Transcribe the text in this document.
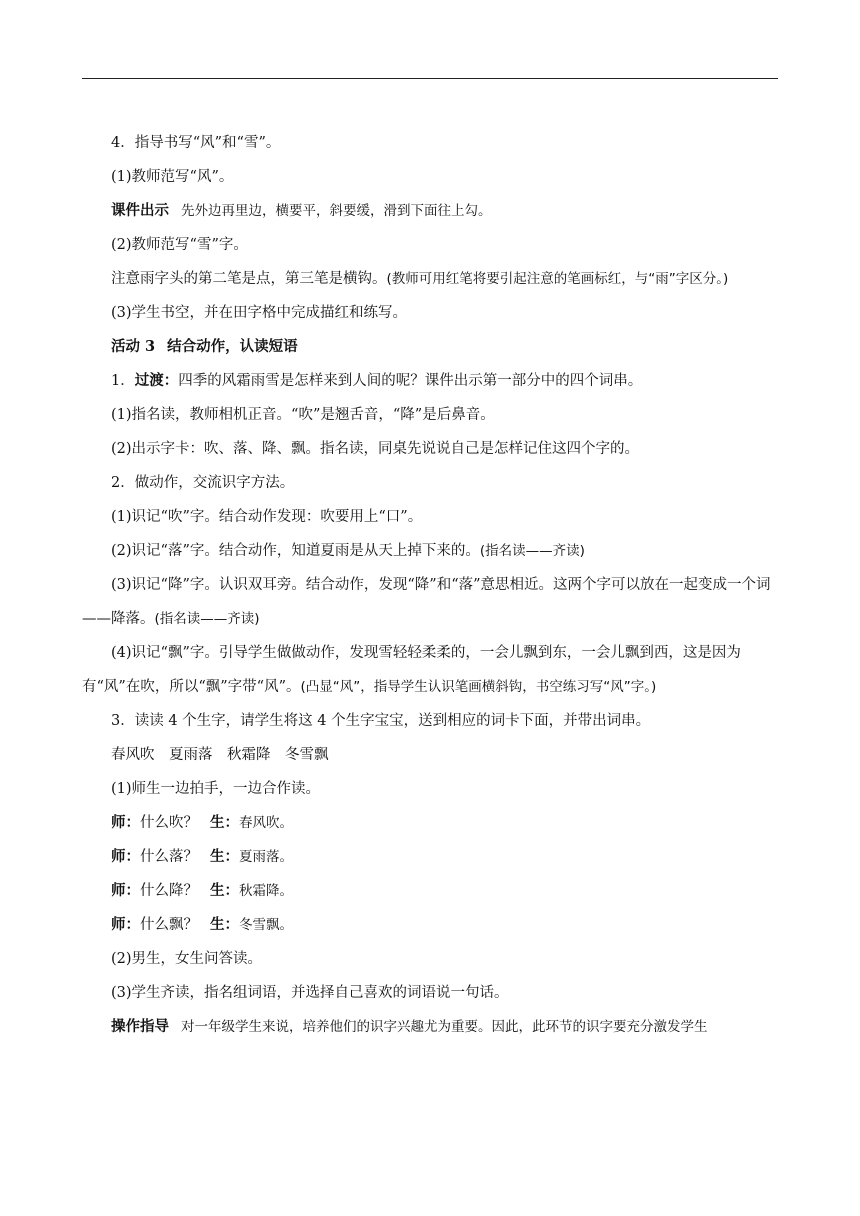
4．指导书写“风”和“雪”。

(1)教师范写“风”。

课件出示 先外边再里边，横要平，斜要缓，滑到下面往上勾。

(2)教师范写“雪”字。

注意雨字头的第二笔是点，第三笔是横钩。(教师可用红笔将要引起注意的笔画标红，与“雨”字区分。)

(3)学生书空，并在田字格中完成描红和练写。

活动 3 结合动作，认读短语

1．过渡：四季的风霜雨雪是怎样来到人间的呢？课件出示第一部分中的四个词串。

(1)指名读，教师相机正音。“吹”是翘舌音，“降”是后鼻音。

(2)出示字卡：吹、落、降、飘。指名读，同桌先说说自己是怎样记住这四个字的。

2．做动作，交流识字方法。

(1)识记“吹”字。结合动作发现：吹要用上“口”。

(2)识记“落”字。结合动作，知道夏雨是从天上掉下来的。(指名读——齐读)

(3)识记“降”字。认识双耳旁。结合动作，发现“降”和“落”意思相近。这两个字可以放在一起变成一个词——降落。(指名读——齐读)

(4)识记“飘”字。引导学生做做动作，发现雪轻轻柔柔的，一会儿飘到东，一会儿飘到西，这是因为有“风”在吹，所以“飘”字带“风”。(凸显“风”，指导学生认识笔画横斜钩，书空练习写“风”字。)

3．读读 4 个生字，请学生将这 4 个生字宝宝，送到相应的词卡下面，并带出词串。

春风吹　夏雨落　秋霜降　冬雪飘

(1)师生一边拍手，一边合作读。

师：什么吹？ 生：春风吹。

师：什么落？ 生：夏雨落。

师：什么降？ 生：秋霜降。

师：什么飘？ 生：冬雪飘。

(2)男生，女生问答读。

(3)学生齐读，指名组词语，并选择自己喜欢的词语说一句话。

操作指导 对一年级学生来说，培养他们的识字兴趣尤为重要。因此，此环节的识字要充分激发学生
